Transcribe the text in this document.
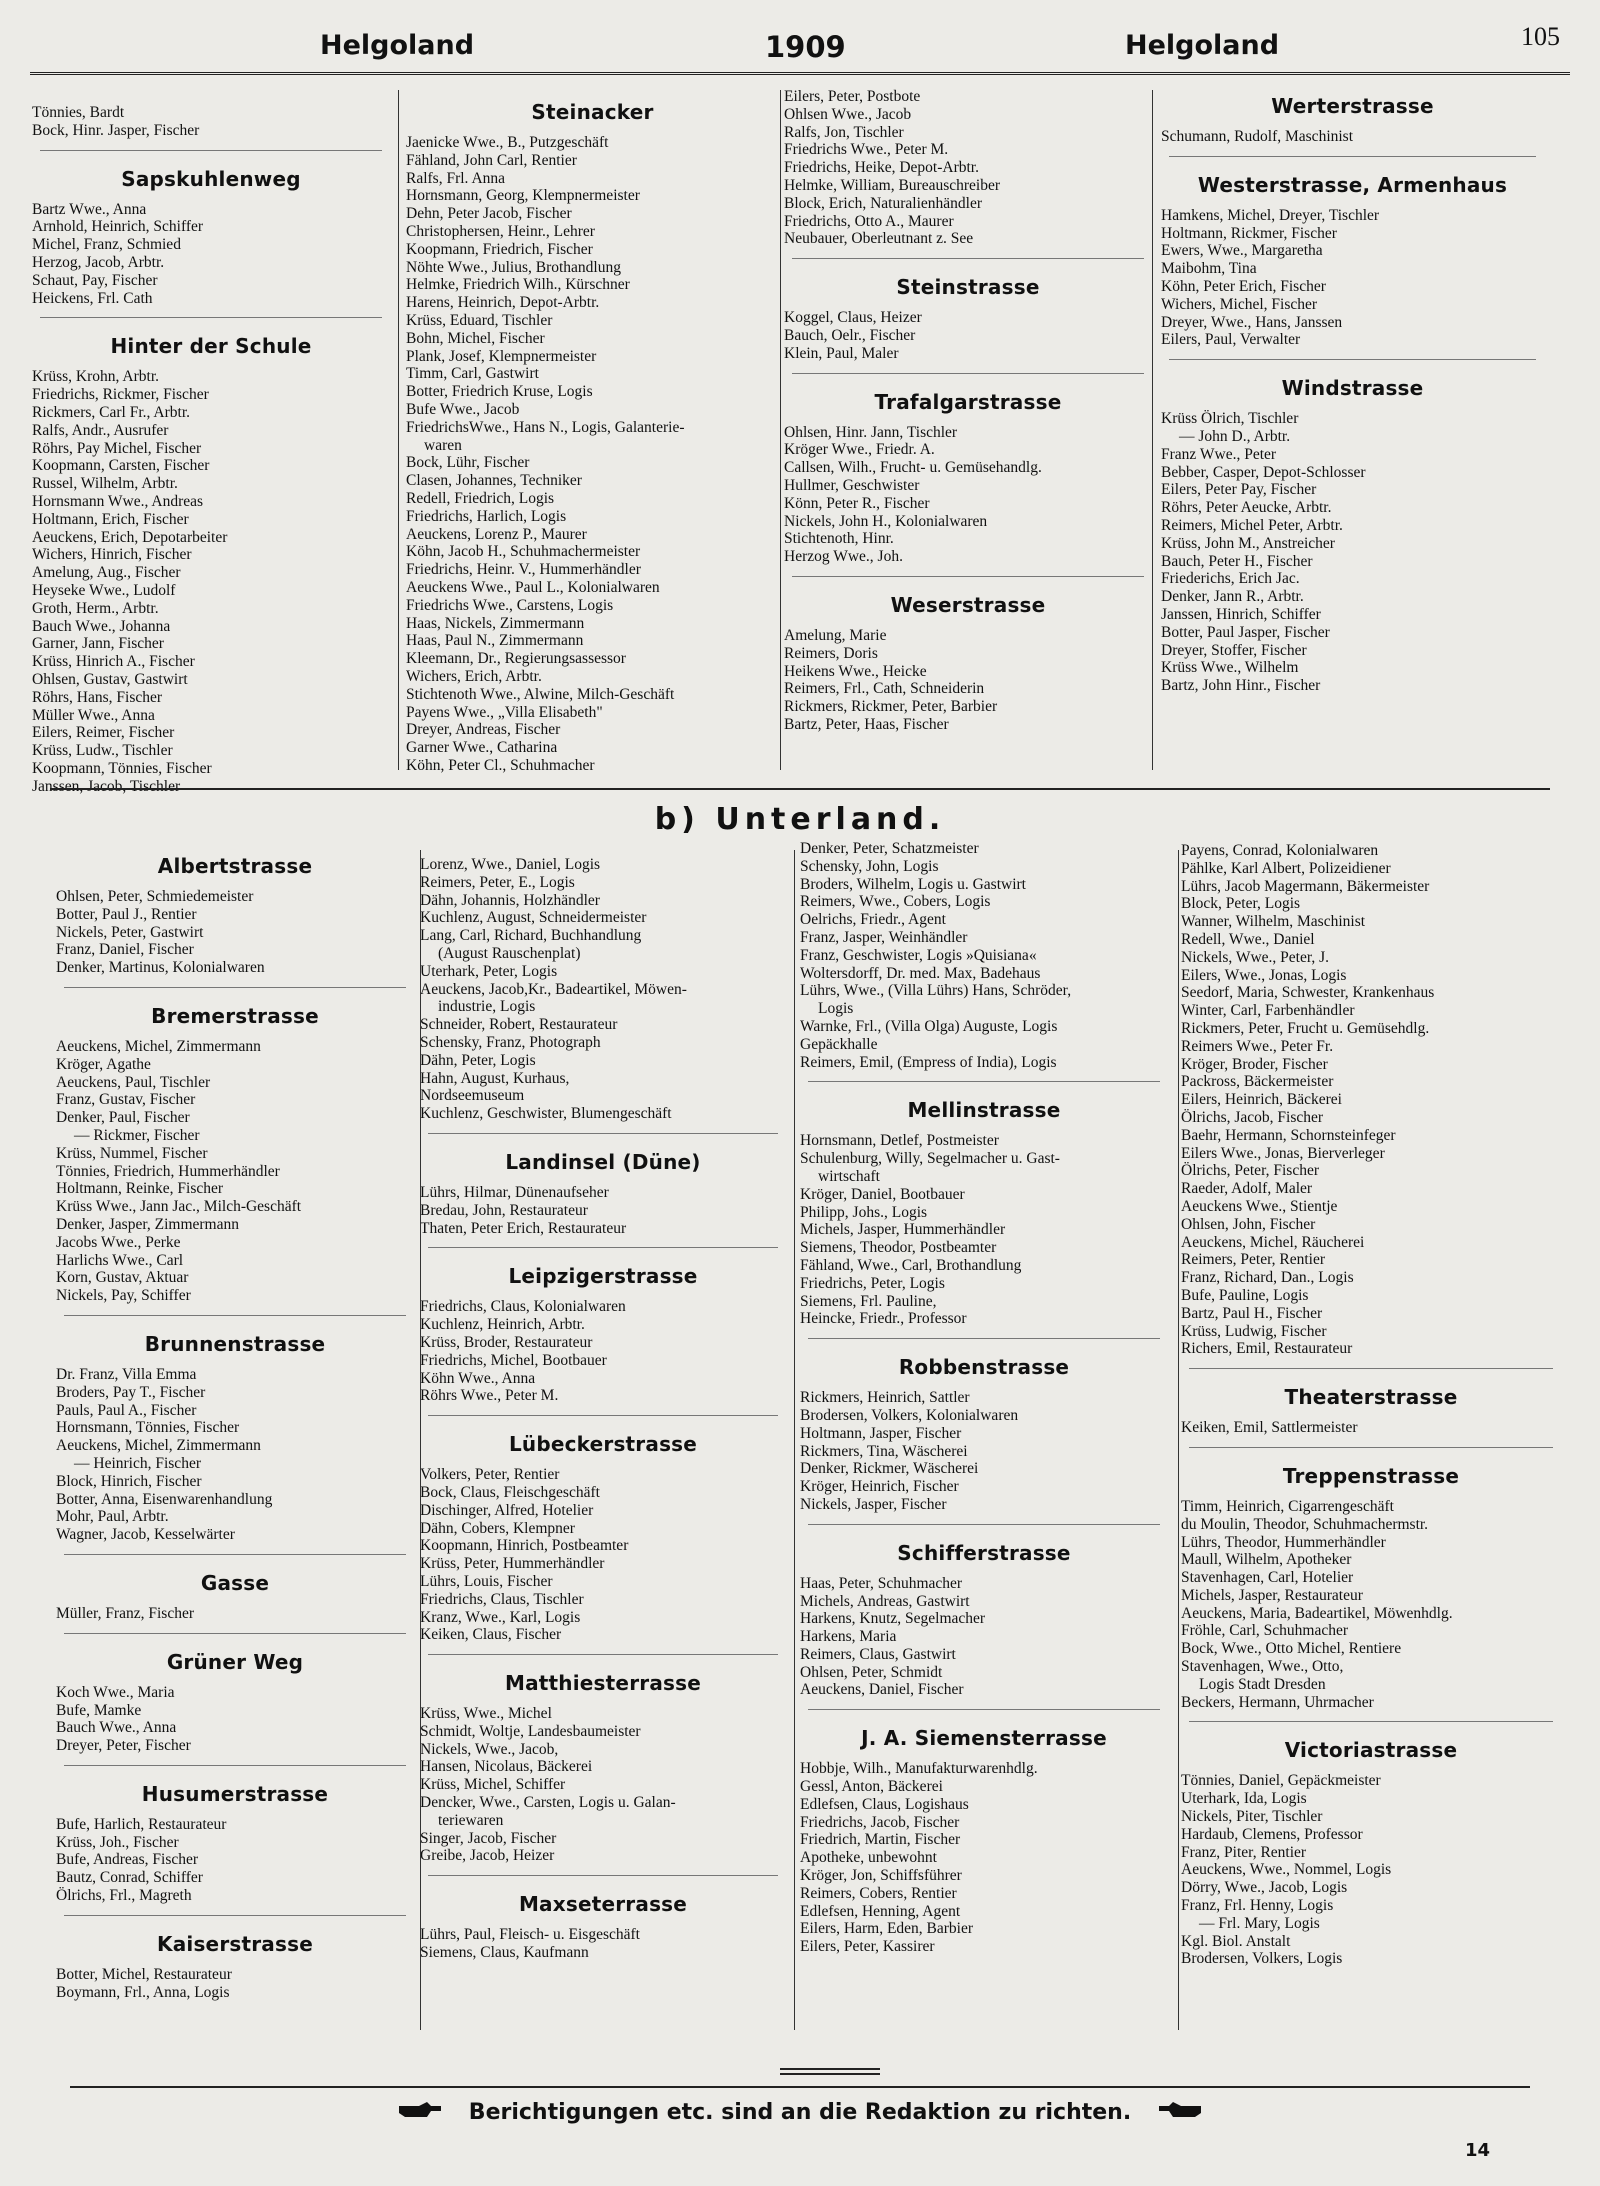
Helgoland	1909	Helgoland	105
Tönnies, Bardt
Bock, Hinr. Jasper, Fischer
Sapskuhlenweg
Bartz Wwe., Anna
Arnhold, Heinrich, Schiffer
Michel, Franz, Schmied
Herzog, Jacob, Arbtr.
Schaut, Pay, Fischer
Heickens, Frl. Cath
Hinter der Schule
Krüss, Krohn, Arbtr.
Friedrichs, Rickmer, Fischer
Rickmers, Carl Fr., Arbtr.
Ralfs, Andr., Ausrufer
Röhrs, Pay Michel, Fischer
Koopmann, Carsten, Fischer
Russel, Wilhelm, Arbtr.
Hornsmann Wwe., Andreas
Holtmann, Erich, Fischer
Aeuckens, Erich, Depotarbeiter
Wichers, Hinrich, Fischer
Amelung, Aug., Fischer
Heyseke Wwe., Ludolf
Groth, Herm., Arbtr.
Bauch Wwe., Johanna
Garner, Jann, Fischer
Krüss, Hinrich A., Fischer
Ohlsen, Gustav, Gastwirt
Röhrs, Hans, Fischer
Müller Wwe., Anna
Eilers, Reimer, Fischer
Krüss, Ludw., Tischler
Koopmann, Tönnies, Fischer
Janssen, Jacob, Tischler
Steinacker
Jaenicke Wwe., B., Putzgeschäft
Fähland, John Carl, Rentier
Ralfs, Frl. Anna
Hornsmann, Georg, Klempnermeister
Dehn, Peter Jacob, Fischer
Christophersen, Heinr., Lehrer
Koopmann, Friedrich, Fischer
Nöhte Wwe., Julius, Brothandlung
Helmke, Friedrich Wilh., Kürschner
Harens, Heinrich, Depot-Arbtr.
Krüss, Eduard, Tischler
Bohn, Michel, Fischer
Plank, Josef, Klempnermeister
Timm, Carl, Gastwirt
Botter, Friedrich Kruse, Logis
Bufe Wwe., Jacob
FriedrichsWwe., Hans N., Logis, Galanterie-
waren
Bock, Lühr, Fischer
Clasen, Johannes, Techniker
Redell, Friedrich, Logis
Friedrichs, Harlich, Logis
Aeuckens, Lorenz P., Maurer
Köhn, Jacob H., Schuhmachermeister
Friedrichs, Heinr. V., Hummerhändler
Aeuckens Wwe., Paul L., Kolonialwaren
Friedrichs Wwe., Carstens, Logis
Haas, Nickels, Zimmermann
Haas, Paul N., Zimmermann
Kleemann, Dr., Regierungsassessor
Wichers, Erich, Arbtr.
Stichtenoth Wwe., Alwine, Milch-Geschäft
Payens Wwe., „Villa Elisabeth"
Dreyer, Andreas, Fischer
Garner Wwe., Catharina
Köhn, Peter Cl., Schuhmacher
Eilers, Peter, Postbote
Ohlsen Wwe., Jacob
Ralfs, Jon, Tischler
Friedrichs Wwe., Peter M.
Friedrichs, Heike, Depot-Arbtr.
Helmke, William, Bureauschreiber
Block, Erich, Naturalienhändler
Friedrichs, Otto A., Maurer
Neubauer, Oberleutnant z. See
Steinstrasse
Koggel, Claus, Heizer
Bauch, Oelr., Fischer
Klein, Paul, Maler
Trafalgarstrasse
Ohlsen, Hinr. Jann, Tischler
Kröger Wwe., Friedr. A.
Callsen, Wilh., Frucht- u. Gemüsehandlg.
Hullmer, Geschwister
Könn, Peter R., Fischer
Nickels, John H., Kolonialwaren
Stichtenoth, Hinr.
Herzog Wwe., Joh.
Weserstrasse
Amelung, Marie
Reimers, Doris
Heikens Wwe., Heicke
Reimers, Frl., Cath, Schneiderin
Rickmers, Rickmer, Peter, Barbier
Bartz, Peter, Haas, Fischer
Werterstrasse
Schumann, Rudolf, Maschinist
Westerstrasse, Armenhaus
Hamkens, Michel, Dreyer, Tischler
Holtmann, Rickmer, Fischer
Ewers, Wwe., Margaretha
Maibohm, Tina
Köhn, Peter Erich, Fischer
Wichers, Michel, Fischer
Dreyer, Wwe., Hans, Janssen
Eilers, Paul, Verwalter
Windstrasse
Krüss Ölrich, Tischler
— John D., Arbtr.
Franz Wwe., Peter
Bebber, Casper, Depot-Schlosser
Eilers, Peter Pay, Fischer
Röhrs, Peter Aeucke, Arbtr.
Reimers, Michel Peter, Arbtr.
Krüss, John M., Anstreicher
Bauch, Peter H., Fischer
Friederichs, Erich Jac.
Denker, Jann R., Arbtr.
Janssen, Hinrich, Schiffer
Botter, Paul Jasper, Fischer
Dreyer, Stoffer, Fischer
Krüss Wwe., Wilhelm
Bartz, John Hinr., Fischer
b) Unterland.
Albertstrasse
Ohlsen, Peter, Schmiedemeister
Botter, Paul J., Rentier
Nickels, Peter, Gastwirt
Franz, Daniel, Fischer
Denker, Martinus, Kolonialwaren
Bremerstrasse
Aeuckens, Michel, Zimmermann
Kröger, Agathe
Aeuckens, Paul, Tischler
Franz, Gustav, Fischer
Denker, Paul, Fischer
— Rickmer, Fischer
Krüss, Nummel, Fischer
Tönnies, Friedrich, Hummerhändler
Holtmann, Reinke, Fischer
Krüss Wwe., Jann Jac., Milch-Geschäft
Denker, Jasper, Zimmermann
Jacobs Wwe., Perke
Harlichs Wwe., Carl
Korn, Gustav, Aktuar
Nickels, Pay, Schiffer
Brunnenstrasse
Dr. Franz, Villa Emma
Broders, Pay T., Fischer
Pauls, Paul A., Fischer
Hornsmann, Tönnies, Fischer
Aeuckens, Michel, Zimmermann
— Heinrich, Fischer
Block, Hinrich, Fischer
Botter, Anna, Eisenwarenhandlung
Mohr, Paul, Arbtr.
Wagner, Jacob, Kesselwärter
Gasse
Müller, Franz, Fischer
Grüner Weg
Koch Wwe., Maria
Bufe, Mamke
Bauch Wwe., Anna
Dreyer, Peter, Fischer
Husumerstrasse
Bufe, Harlich, Restaurateur
Krüss, Joh., Fischer
Bufe, Andreas, Fischer
Bautz, Conrad, Schiffer
Ölrichs, Frl., Magreth
Kaiserstrasse
Botter, Michel, Restaurateur
Boymann, Frl., Anna, Logis
Lorenz, Wwe., Daniel, Logis
Reimers, Peter, E., Logis
Dähn, Johannis, Holzhändler
Kuchlenz, August, Schneidermeister
Lang, Carl, Richard, Buchhandlung
(August Rauschenplat)
Uterhark, Peter, Logis
Aeuckens, Jacob,Kr., Badeartikel, Möwen-
industrie, Logis
Schneider, Robert, Restaurateur
Schensky, Franz, Photograph
Dähn, Peter, Logis
Hahn, August, Kurhaus,
Nordseemuseum
Kuchlenz, Geschwister, Blumengeschäft
Landinsel (Düne)
Lührs, Hilmar, Dünenaufseher
Bredau, John, Restaurateur
Thaten, Peter Erich, Restaurateur
Leipzigerstrasse
Friedrichs, Claus, Kolonialwaren
Kuchlenz, Heinrich, Arbtr.
Krüss, Broder, Restaurateur
Friedrichs, Michel, Bootbauer
Köhn Wwe., Anna
Röhrs Wwe., Peter M.
Lübeckerstrasse
Volkers, Peter, Rentier
Bock, Claus, Fleischgeschäft
Dischinger, Alfred, Hotelier
Dähn, Cobers, Klempner
Koopmann, Hinrich, Postbeamter
Krüss, Peter, Hummerhändler
Lührs, Louis, Fischer
Friedrichs, Claus, Tischler
Kranz, Wwe., Karl, Logis
Keiken, Claus, Fischer
Matthiesterrasse
Krüss, Wwe., Michel
Schmidt, Woltje, Landesbaumeister
Nickels, Wwe., Jacob,
Hansen, Nicolaus, Bäckerei
Krüss, Michel, Schiffer
Dencker, Wwe., Carsten, Logis u. Galan-
teriewaren
Singer, Jacob, Fischer
Greibe, Jacob, Heizer
Maxseterrasse
Lührs, Paul, Fleisch- u. Eisgeschäft
Siemens, Claus, Kaufmann
Denker, Peter, Schatzmeister
Schensky, John, Logis
Broders, Wilhelm, Logis u. Gastwirt
Reimers, Wwe., Cobers, Logis
Oelrichs, Friedr., Agent
Franz, Jasper, Weinhändler
Franz, Geschwister, Logis »Quisiana«
Woltersdorff, Dr. med. Max, Badehaus
Lührs, Wwe., (Villa Lührs) Hans, Schröder,
Logis
Warnke, Frl., (Villa Olga) Auguste, Logis
Gepäckhalle
Reimers, Emil, (Empress of India), Logis
Mellinstrasse
Hornsmann, Detlef, Postmeister
Schulenburg, Willy, Segelmacher u. Gast-
wirtschaft
Kröger, Daniel, Bootbauer
Philipp, Johs., Logis
Michels, Jasper, Hummerhändler
Siemens, Theodor, Postbeamter
Fähland, Wwe., Carl, Brothandlung
Friedrichs, Peter, Logis
Siemens, Frl. Pauline,
Heincke, Friedr., Professor
Robbenstrasse
Rickmers, Heinrich, Sattler
Brodersen, Volkers, Kolonialwaren
Holtmann, Jasper, Fischer
Rickmers, Tina, Wäscherei
Denker, Rickmer, Wäscherei
Kröger, Heinrich, Fischer
Nickels, Jasper, Fischer
Schifferstrasse
Haas, Peter, Schuhmacher
Michels, Andreas, Gastwirt
Harkens, Knutz, Segelmacher
Harkens, Maria
Reimers, Claus, Gastwirt
Ohlsen, Peter, Schmidt
Aeuckens, Daniel, Fischer
J. A. Siemensterrasse
Hobbje, Wilh., Manufakturwarenhdlg.
Gessl, Anton, Bäckerei
Edlefsen, Claus, Logishaus
Friedrichs, Jacob, Fischer
Friedrich, Martin, Fischer
Apotheke, unbewohnt
Kröger, Jon, Schiffsführer
Reimers, Cobers, Rentier
Edlefsen, Henning, Agent
Eilers, Harm, Eden, Barbier
Eilers, Peter, Kassirer
Payens, Conrad, Kolonialwaren
Pählke, Karl Albert, Polizeidiener
Lührs, Jacob Magermann, Bäkermeister
Block, Peter, Logis
Wanner, Wilhelm, Maschinist
Redell, Wwe., Daniel
Nickels, Wwe., Peter, J.
Eilers, Wwe., Jonas, Logis
Seedorf, Maria, Schwester, Krankenhaus
Winter, Carl, Farbenhändler
Rickmers, Peter, Frucht u. Gemüsehdlg.
Reimers Wwe., Peter Fr.
Kröger, Broder, Fischer
Packross, Bäckermeister
Eilers, Heinrich, Bäckerei
Ölrichs, Jacob, Fischer
Baehr, Hermann, Schornsteinfeger
Eilers Wwe., Jonas, Bierverleger
Ölrichs, Peter, Fischer
Raeder, Adolf, Maler
Aeuckens Wwe., Stientje
Ohlsen, John, Fischer
Aeuckens, Michel, Räucherei
Reimers, Peter, Rentier
Franz, Richard, Dan., Logis
Bufe, Pauline, Logis
Bartz, Paul H., Fischer
Krüss, Ludwig, Fischer
Richers, Emil, Restaurateur
Theaterstrasse
Keiken, Emil, Sattlermeister
Treppenstrasse
Timm, Heinrich, Cigarrengeschäft
du Moulin, Theodor, Schuhmachermstr.
Lührs, Theodor, Hummerhändler
Maull, Wilhelm, Apotheker
Stavenhagen, Carl, Hotelier
Michels, Jasper, Restaurateur
Aeuckens, Maria, Badeartikel, Möwenhdlg.
Fröhle, Carl, Schuhmacher
Bock, Wwe., Otto Michel, Rentiere
Stavenhagen, Wwe., Otto,
Logis Stadt Dresden
Beckers, Hermann, Uhrmacher
Victoriastrasse
Tönnies, Daniel, Gepäckmeister
Uterhark, Ida, Logis
Nickels, Piter, Tischler
Hardaub, Clemens, Professor
Franz, Piter, Rentier
Aeuckens, Wwe., Nommel, Logis
Dörry, Wwe., Jacob, Logis
Franz, Frl. Henny, Logis
— Frl. Mary, Logis
Kgl. Biol. Anstalt
Brodersen, Volkers, Logis
Berichtigungen etc. sind an die Redaktion zu richten.
14
